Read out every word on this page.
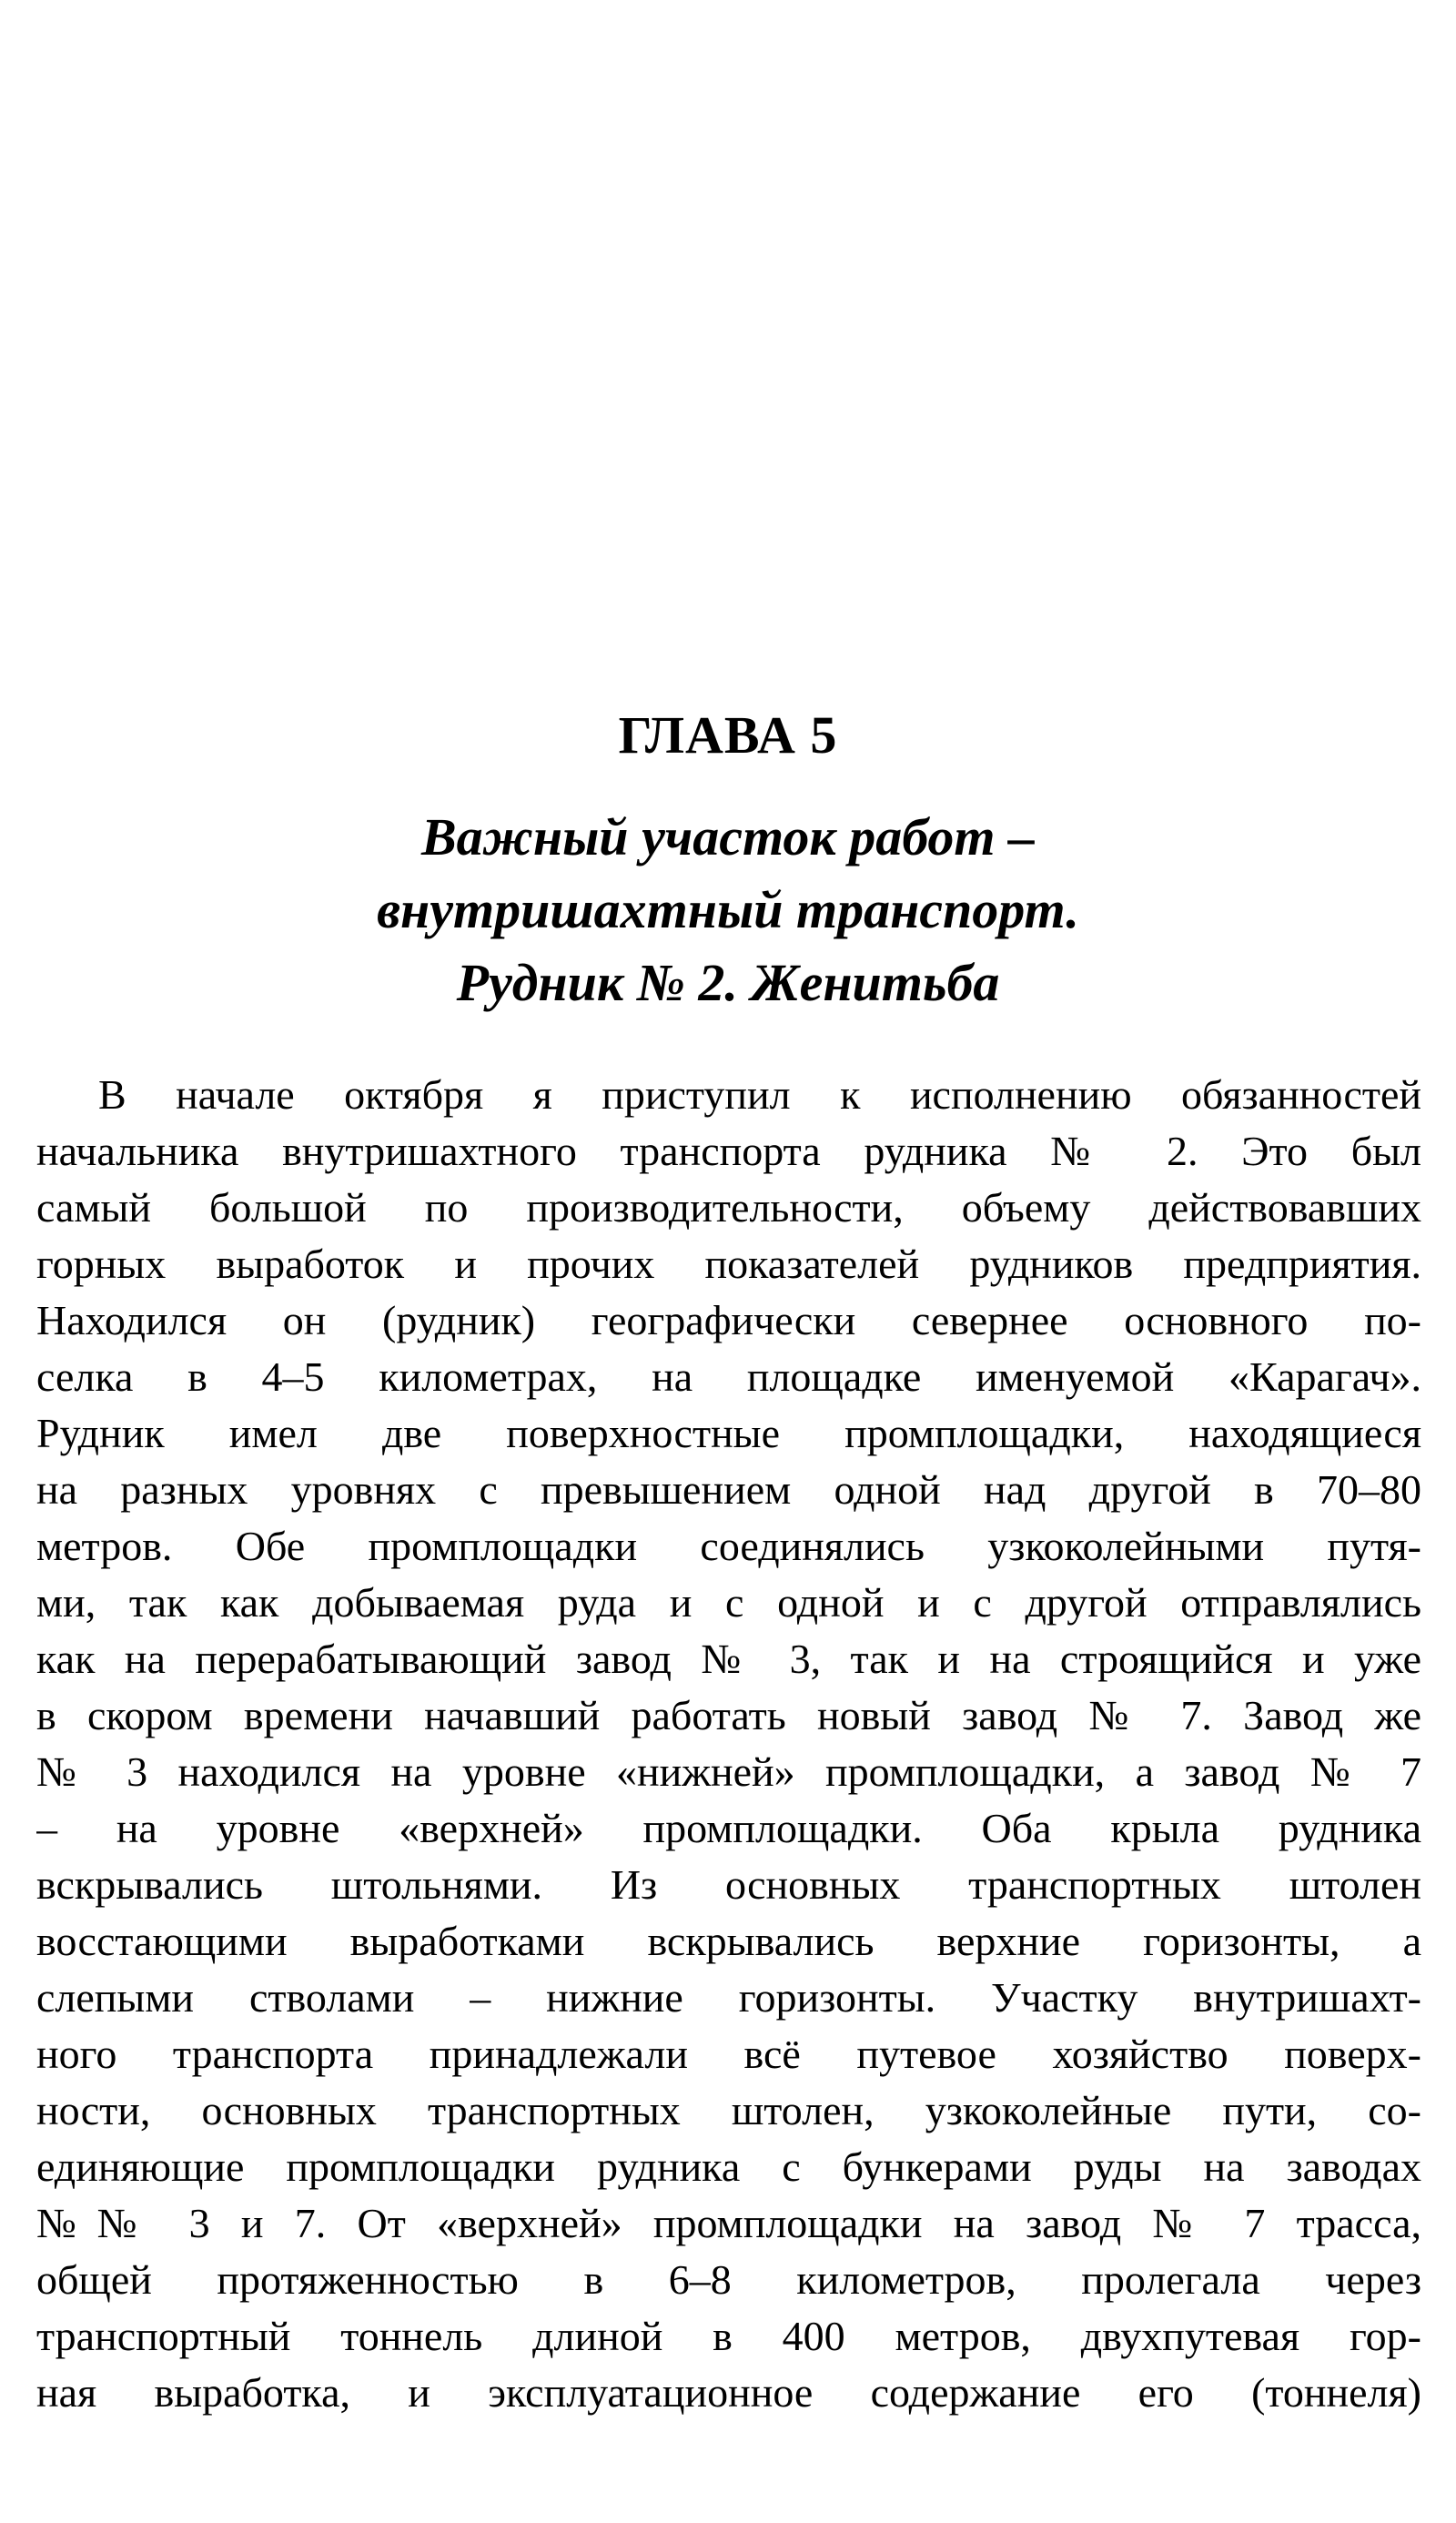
ГЛАВА 5
Важный участок работ –
внутришахтный транспорт.
Рудник № 2. Женитьба
В начале октября я приступил к исполнению обязанностей
начальника внутришахтного транспорта рудника № 2. Это был
самый большой по производительности, объему действовавших
горных выработок и прочих показателей рудников предприятия.
Находился он (рудник) географически севернее основного по-
селка в 4–5 километрах, на площадке именуемой «Карагач».
Рудник имел две поверхностные промплощадки, находящиеся
на разных уровнях с превышением одной над другой в 70–80
метров. Обе промплощадки соединялись узкоколейными путя-
ми, так как добываемая руда и с одной и с другой отправлялись
как на перерабатывающий завод № 3, так и на строящийся и уже
в скором времени начавший работать новый завод № 7. Завод же
№ 3 находился на уровне «нижней» промплощадки, а завод № 7
– на уровне «верхней» промплощадки. Оба крыла рудника
вскрывались штольнями. Из основных транспортных штолен
восстающими выработками вскрывались верхние горизонты, а
слепыми стволами – нижние горизонты. Участку внутришахт-
ного транспорта принадлежали всё путевое хозяйство поверх-
ности, основных транспортных штолен, узкоколейные пути, со-
единяющие промплощадки рудника с бункерами руды на заводах
№№ 3 и 7. От «верхней» промплощадки на завод № 7 трасса,
общей протяженностью в 6–8 километров, пролегала через
транспортный тоннель длиной в 400 метров, двухпутевая гор-
ная выработка, и эксплуатационное содержание его (тоннеля)
